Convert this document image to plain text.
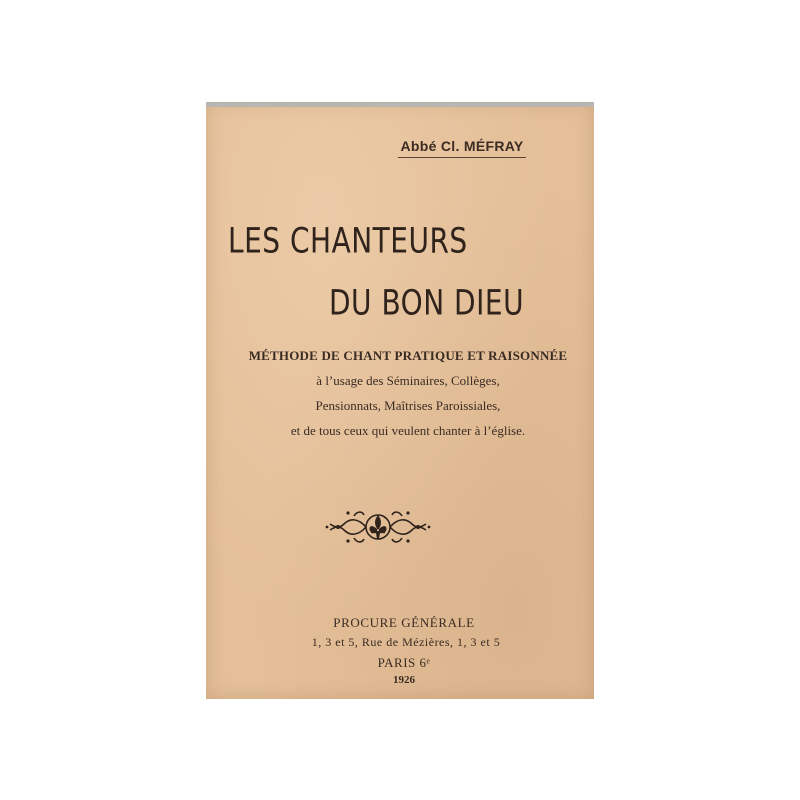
Abbé Cl. MÉFRAY
LES CHANTEURS
DU BON DIEU
MÉTHODE DE CHANT PRATIQUE ET RAISONNÉE
à l’usage des Séminaires, Collèges,
Pensionnats, Maîtrises Paroissiales,
et de tous ceux qui veulent chanter à l’église.
PROCURE GÉNÉRALE
1, 3 et 5, Rue de Mézières, 1, 3 et 5
PARIS 6ᵉ
1926
